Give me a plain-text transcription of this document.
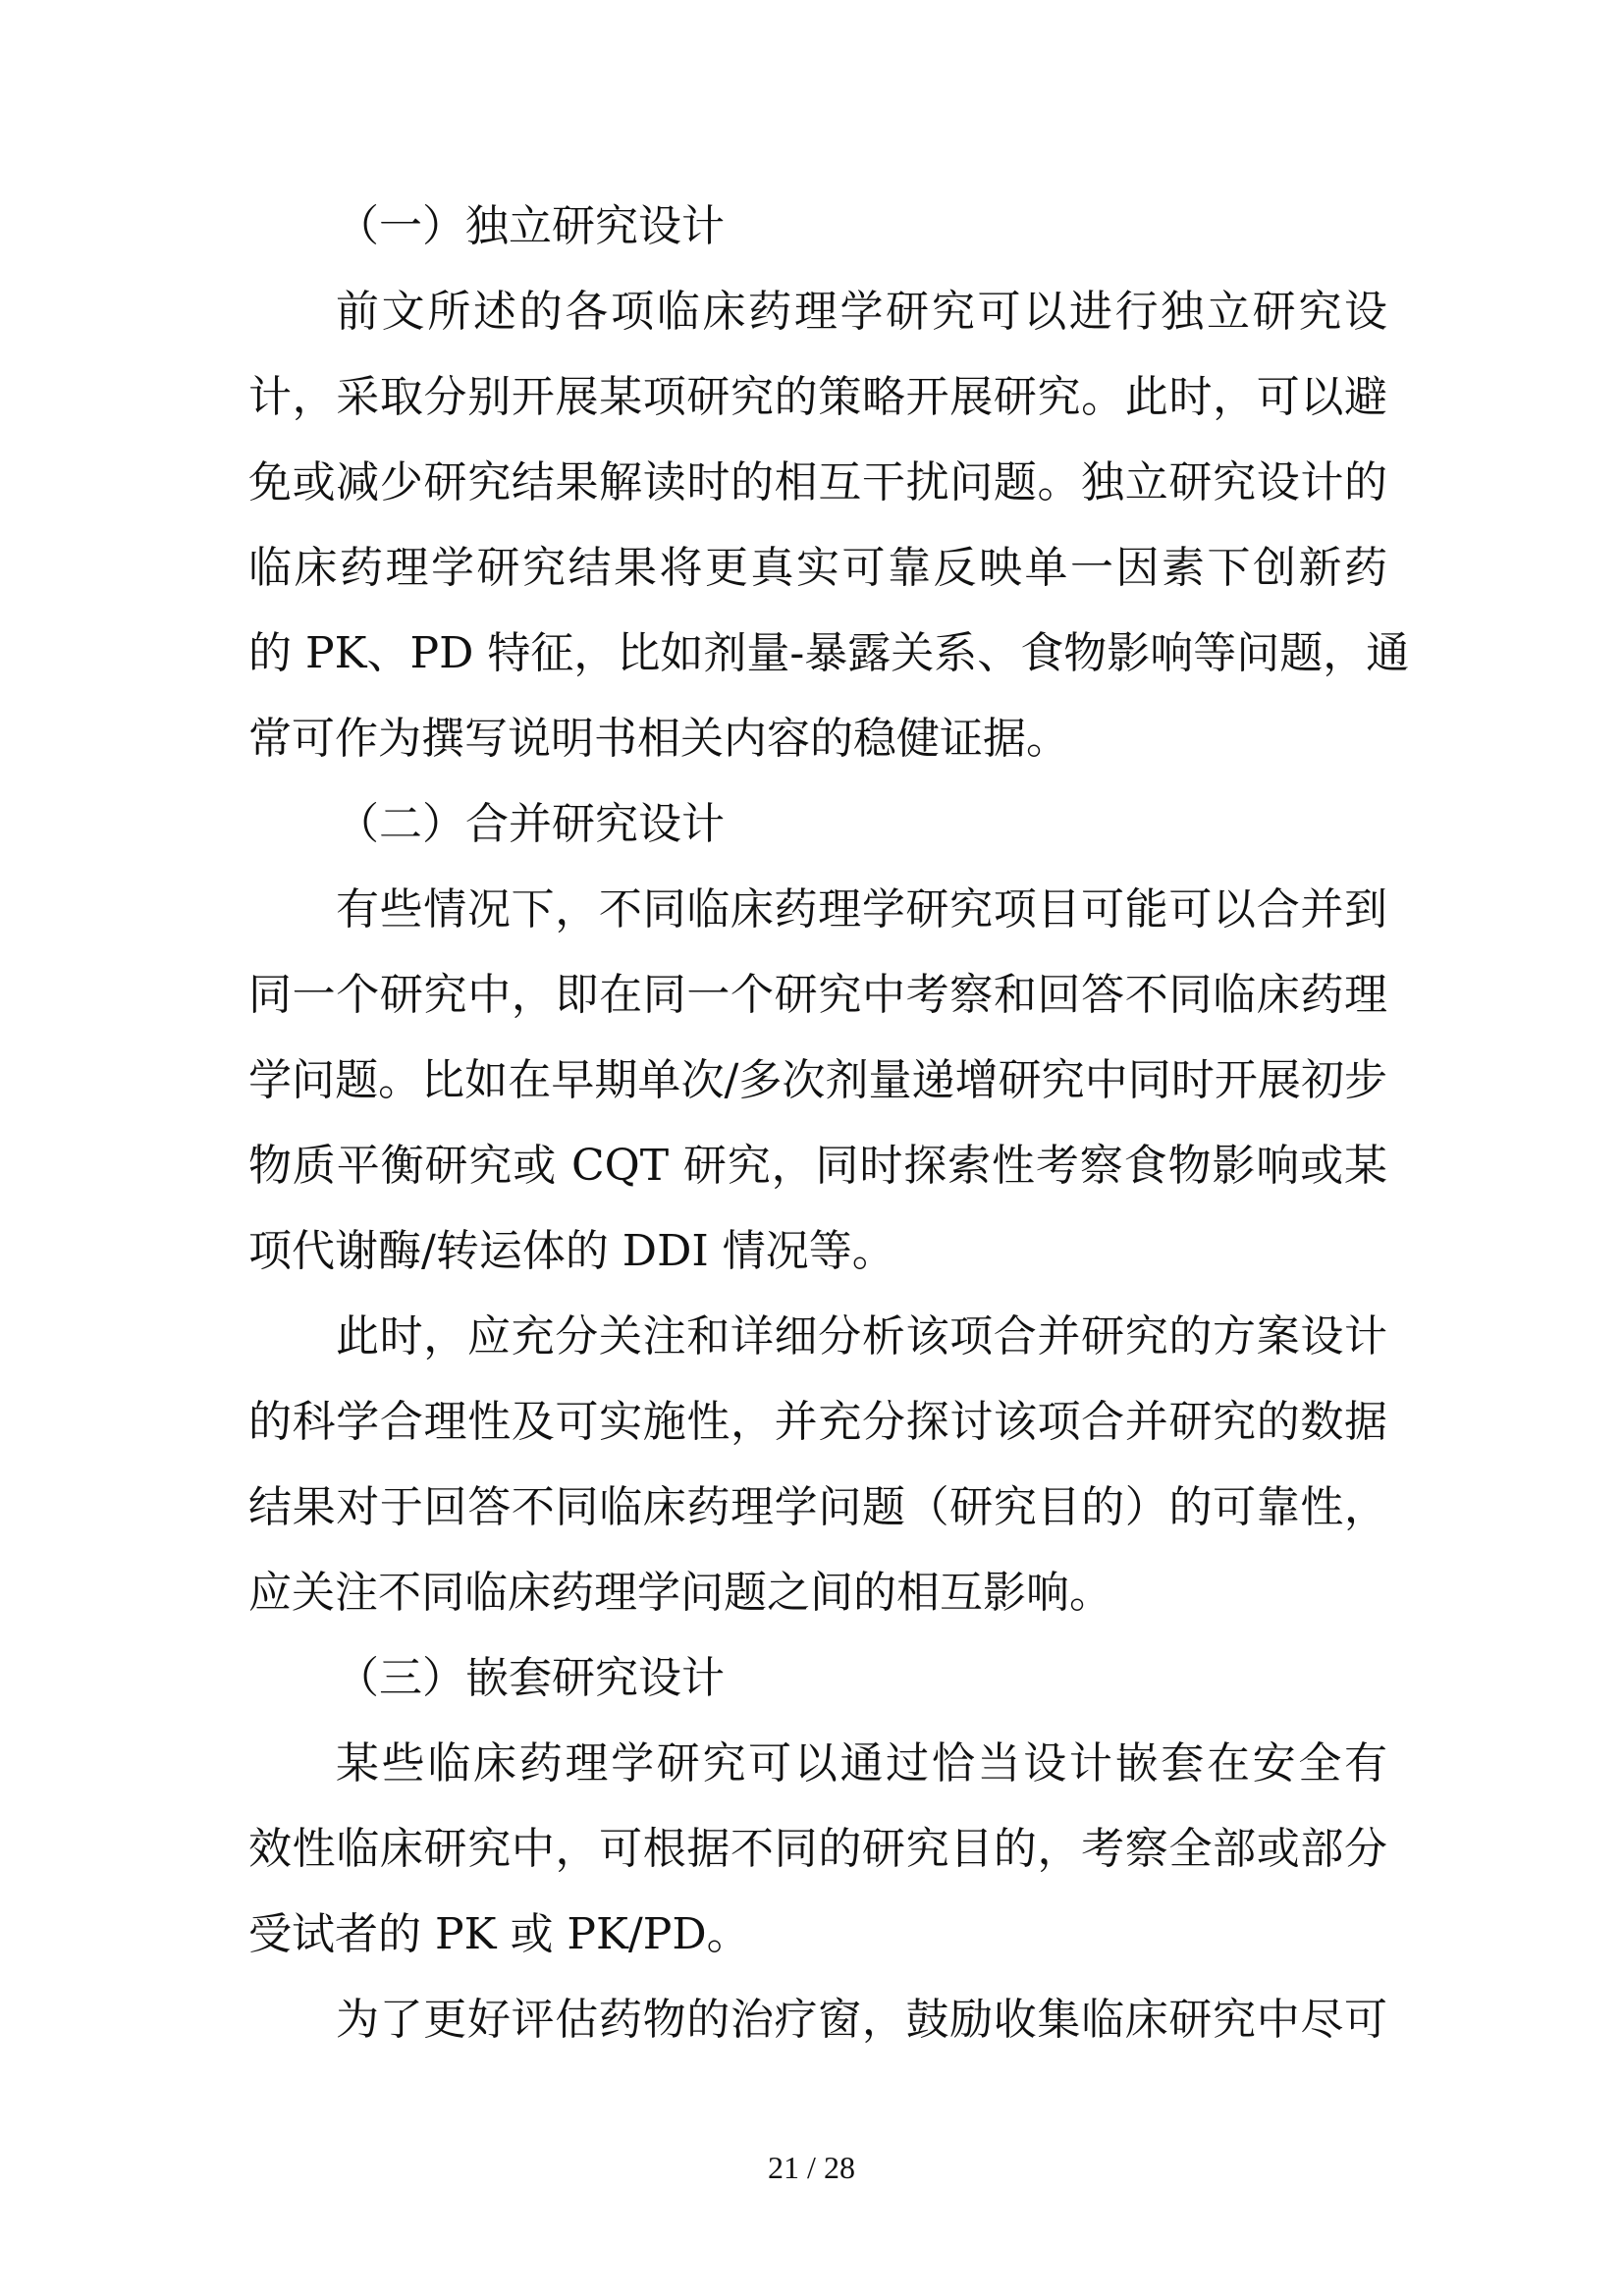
（一）独立研究设计
前文所述的各项临床药理学研究可以进行独立研究设
计，采取分别开展某项研究的策略开展研究。此时，可以避
免或减少研究结果解读时的相互干扰问题。独立研究设计的
临床药理学研究结果将更真实可靠反映单一因素下创新药
的 PK、PD 特征，比如剂量-暴露关系、食物影响等问题，通
常可作为撰写说明书相关内容的稳健证据。
（二）合并研究设计
有些情况下，不同临床药理学研究项目可能可以合并到
同一个研究中，即在同一个研究中考察和回答不同临床药理
学问题。比如在早期单次/多次剂量递增研究中同时开展初步
物质平衡研究或 CQT 研究，同时探索性考察食物影响或某
项代谢酶/转运体的 DDI 情况等。
此时，应充分关注和详细分析该项合并研究的方案设计
的科学合理性及可实施性，并充分探讨该项合并研究的数据
结果对于回答不同临床药理学问题（研究目的）的可靠性，
应关注不同临床药理学问题之间的相互影响。
（三）嵌套研究设计
某些临床药理学研究可以通过恰当设计嵌套在安全有
效性临床研究中，可根据不同的研究目的，考察全部或部分
受试者的 PK 或 PK/PD。
为了更好评估药物的治疗窗，鼓励收集临床研究中尽可
21 / 28
